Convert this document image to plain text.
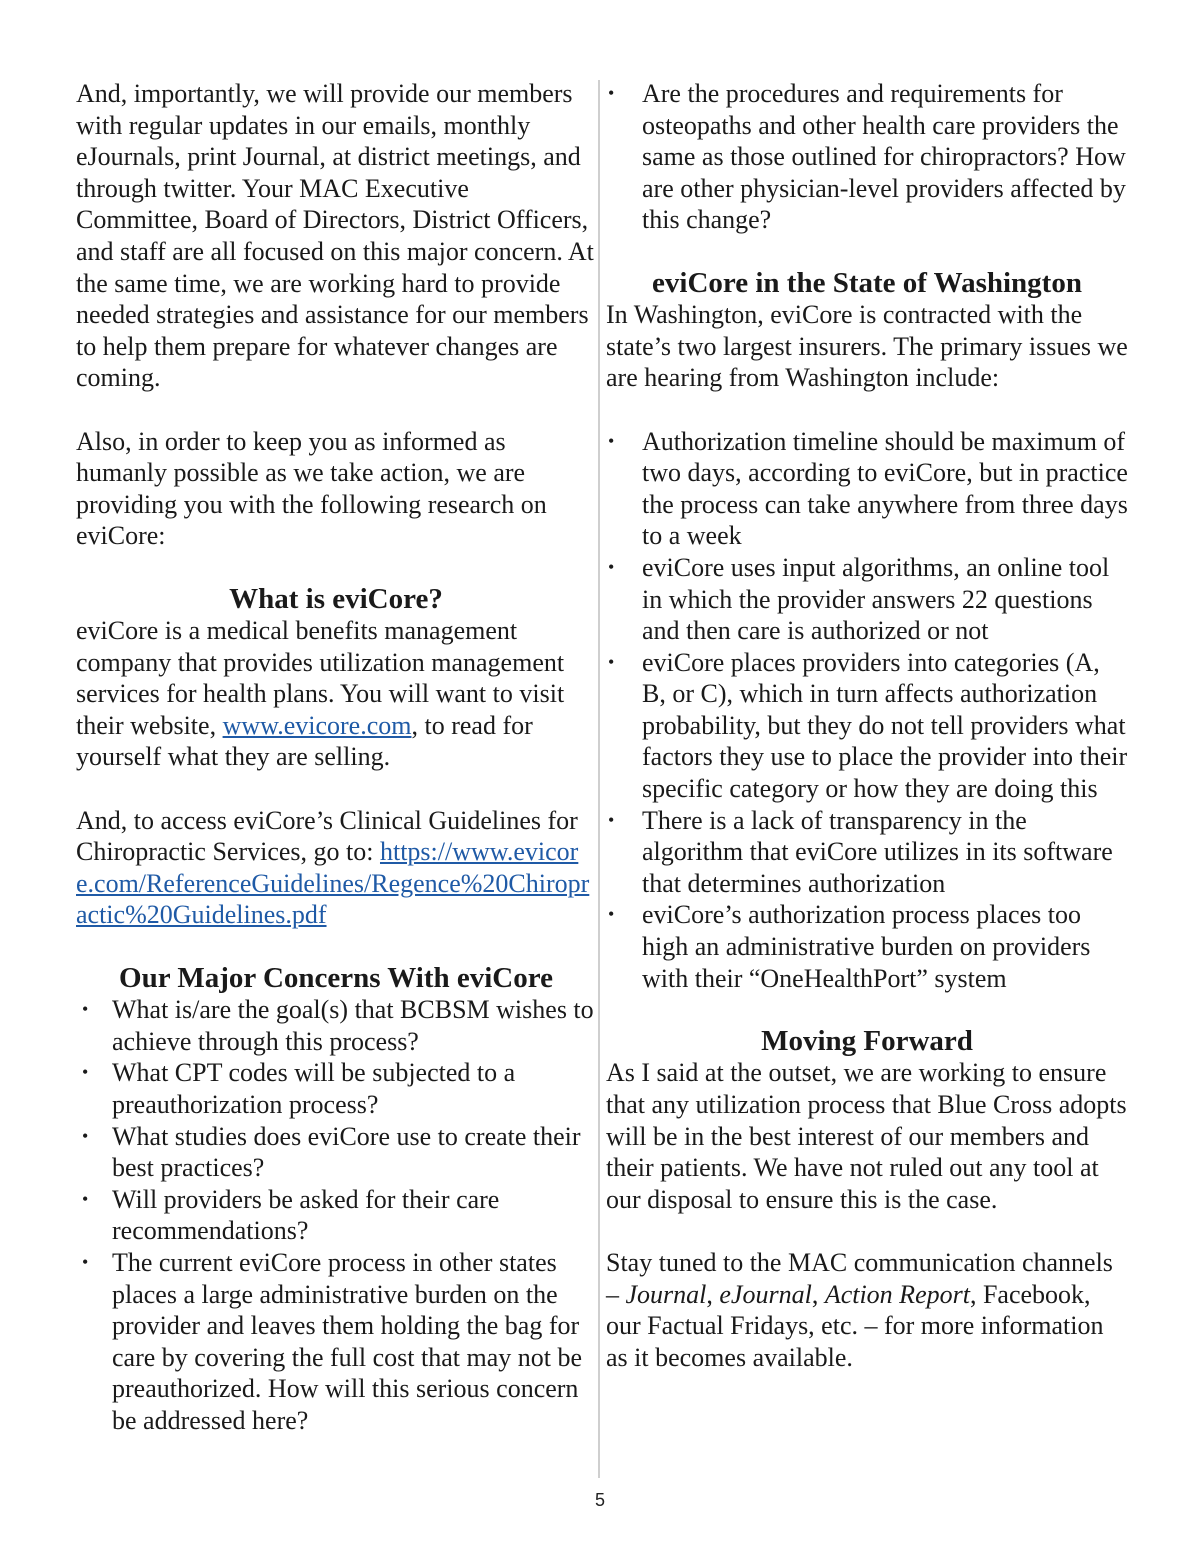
And, importantly, we will provide our members with regular updates in our emails, monthly eJournals, print Journal, at district meetings, and through twitter. Your MAC Executive Committee, Board of Directors, District Officers, and staff are all focused on this major concern. At the same time, we are working hard to provide needed strategies and assistance for our members to help them prepare for whatever changes are coming.

Also, in order to keep you as informed as humanly possible as we take action, we are providing you with the following research on eviCore:

What is eviCore?

eviCore is a medical benefits management company that provides utilization management services for health plans. You will want to visit their website, www.evicore.com, to read for yourself what they are selling.

And, to access eviCore’s Clinical Guidelines for Chiropractic Services, go to: https://www.evicore.com/ReferenceGuidelines/Regence%20Chiropractic%20Guidelines.pdf

Our Major Concerns With eviCore
• What is/are the goal(s) that BCBSM wishes to achieve through this process?
• What CPT codes will be subjected to a preauthorization process?
• What studies does eviCore use to create their best practices?
• Will providers be asked for their care recommendations?
• The current eviCore process in other states places a large administrative burden on the provider and leaves them holding the bag for care by covering the full cost that may not be preauthorized. How will this serious concern be addressed here?
• Are the procedures and requirements for osteopaths and other health care providers the same as those outlined for chiropractors? How are other physician-level providers affected by this change?
eviCore in the State of Washington

In Washington, eviCore is contracted with the state’s two largest insurers. The primary issues we are hearing from Washington include:

• Authorization timeline should be maximum of two days, according to eviCore, but in practice the process can take anywhere from three days to a week
• eviCore uses input algorithms, an online tool in which the provider answers 22 questions and then care is authorized or not
• eviCore places providers into categories (A, B, or C), which in turn affects authorization probability, but they do not tell providers what factors they use to place the provider into their specific category or how they are doing this
• There is a lack of transparency in the algorithm that eviCore utilizes in its software that determines authorization
• eviCore’s authorization process places too high an administrative burden on providers with their “OneHealthPort” system
Moving Forward

As I said at the outset, we are working to ensure that any utilization process that Blue Cross adopts will be in the best interest of our members and their patients. We have not ruled out any tool at our disposal to ensure this is the case.

Stay tuned to the MAC communication channels – Journal, eJournal, Action Report, Facebook, our Factual Fridays, etc. – for more information as it becomes available.

5
